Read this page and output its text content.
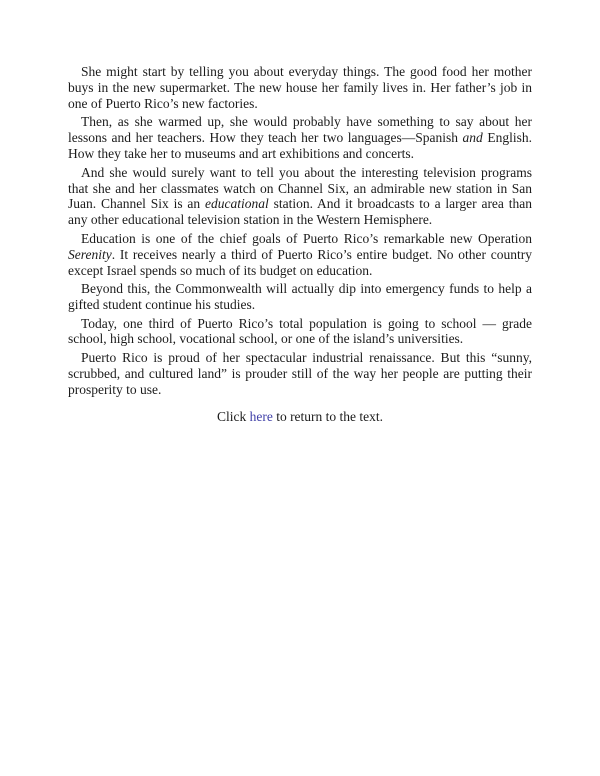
She might start by telling you about everyday things. The good food her mother buys in the new supermarket. The new house her family lives in. Her father’s job in one of Puerto Rico’s new factories.

Then, as she warmed up, she would probably have something to say about her lessons and her teachers. How they teach her two languages—Spanish and English. How they take her to museums and art exhibitions and concerts.

And she would surely want to tell you about the interesting television programs that she and her classmates watch on Channel Six, an admirable new station in San Juan. Channel Six is an educational station. And it broadcasts to a larger area than any other educational television station in the Western Hemisphere.

Education is one of the chief goals of Puerto Rico’s remarkable new Operation Serenity. It receives nearly a third of Puerto Rico’s entire budget. No other country except Israel spends so much of its budget on education.

Beyond this, the Commonwealth will actually dip into emergency funds to help a gifted student continue his studies.

Today, one third of Puerto Rico’s total population is going to school — grade school, high school, vocational school, or one of the island’s universities.

Puerto Rico is proud of her spectacular industrial renaissance. But this “sunny, scrubbed, and cultured land” is prouder still of the way her people are putting their prosperity to use.

Click here to return to the text.
